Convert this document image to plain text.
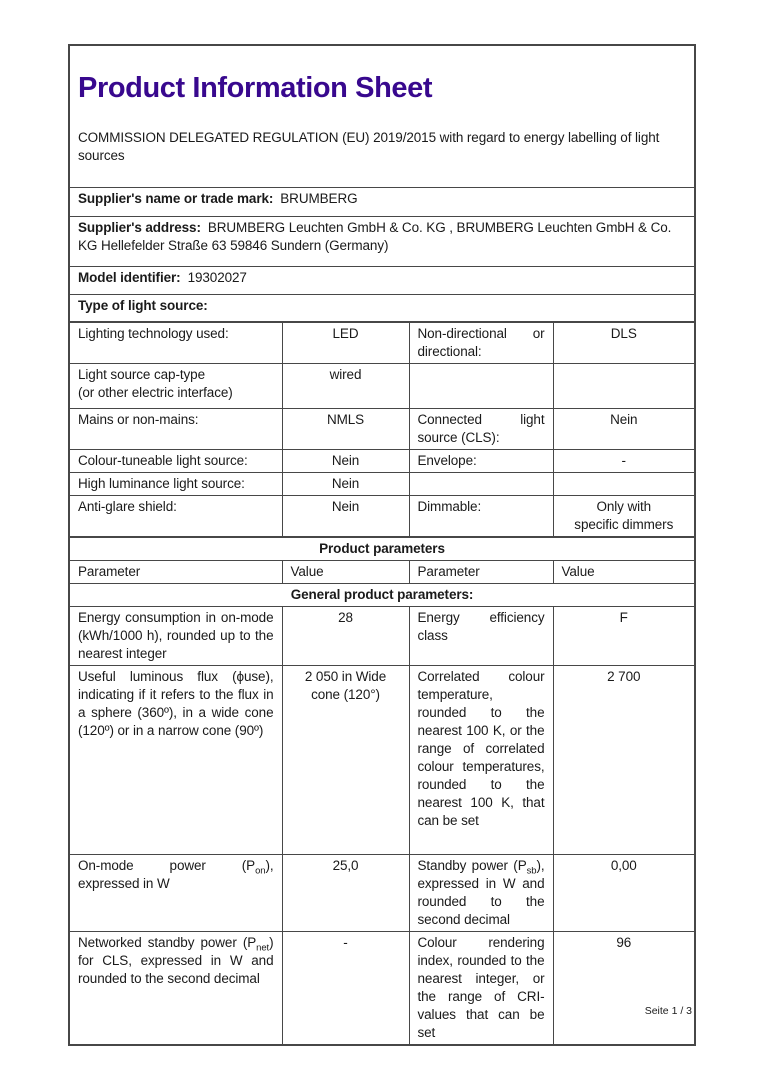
Product Information Sheet

COMMISSION DELEGATED REGULATION (EU) 2019/2015 with regard to energy labelling of light sources			

Supplier's name or trade mark: BRUMBERG			
Supplier's address: BRUMBERG Leuchten GmbH & Co. KG , BRUMBERG Leuchten GmbH & Co. KG Hellefelder Straße 63 59846 Sundern (Germany)			
Model identifier: 19302027			
Type of light source:			
Lighting technology used:	LED	Non-directional or directional:	DLS
Light source cap-type
(or other electric interface)	wired		
Mains or non-mains:	NMLS	Connected light source (CLS):	Nein
Colour-tuneable light source:	Nein	Envelope:	-
High luminance light source:	Nein		
Anti-glare shield:	Nein	Dimmable:	Only with
specific dimmers
Product parameters			
Parameter	Value	Parameter	Value
General product parameters:			
Energy consumption in on-mode (kWh/1000 h), rounded up to the nearest integer	28	Energy efficiency class	F
Useful luminous flux (ϕuse), indicating if it refers to the flux in a sphere (360º), in a wide cone (120º) or in a narrow cone (90º)	2 050 in Wide
cone (120°)	Correlated colour temperature, rounded to the nearest 100 K, or the range of correlated colour temperatures, rounded to the nearest 100 K, that can be set	2 700
On-mode power $(P_{on})$, expressed in W	25,0	Standby power $(P_{sb})$, expressed in W and rounded to the second decimal	0,00
Networked standby power $(P_{net})$ for CLS, expressed in W and rounded to the second decimal	-	Colour rendering index, rounded to the nearest integer, or the range of CRI-values that can be set	96
Seite 1 / 3
